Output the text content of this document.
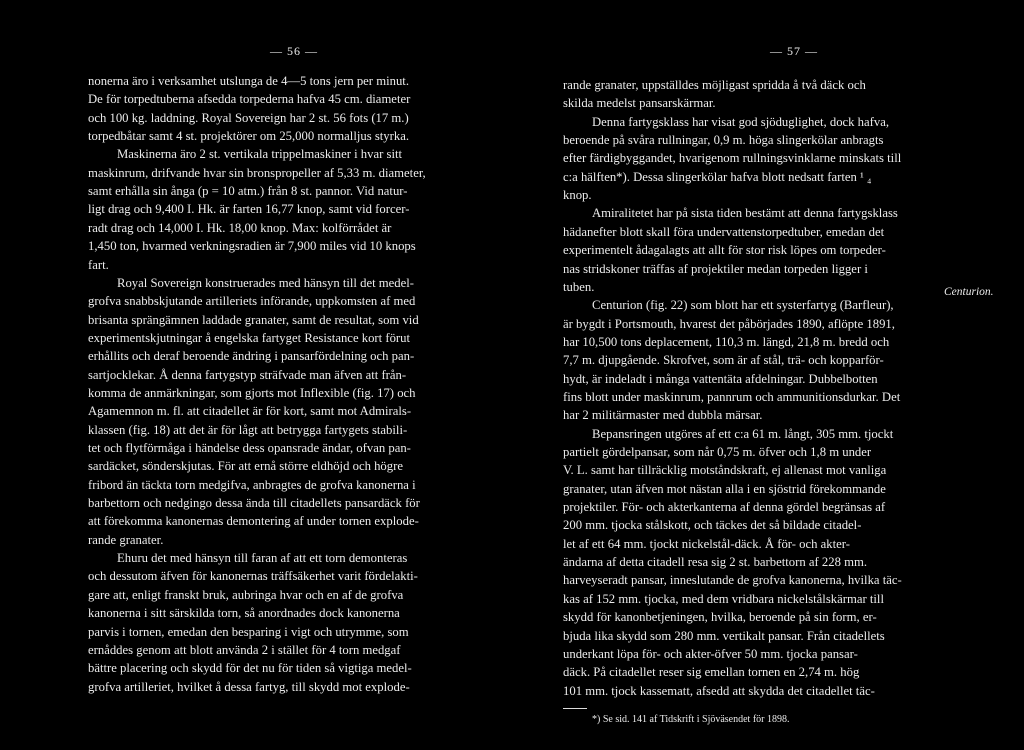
— 56 —
nonerna äro i verksamhet utslunga de 4—5 tons jern per minut.
De för torpedtuberna afsedda torpederna hafva 45 cm. diameter
och 100 kg. laddning. Royal Sovereign har 2 st. 56 fots (17 m.)
torpedbåtar samt 4 st. projektörer om 25,000 normalljus styrka.
Maskinerna äro 2 st. vertikala trippelmaskiner i hvar sitt
maskinrum, drifvande hvar sin bronspropeller af 5,33 m. diameter,
samt erhålla sin ånga (p = 10 atm.) från 8 st. pannor. Vid natur-
ligt drag och 9,400 I. Hk. är farten 16,77 knop, samt vid forcer-
radt drag och 14,000 I. Hk. 18,00 knop. Max: kolförrådet är
1,450 ton, hvarmed verkningsradien är 7,900 miles vid 10 knops
fart.
Royal Sovereign konstruerades med hänsyn till det medel-
grofva snabbskjutande artilleriets införande, uppkomsten af med
brisanta sprängämnen laddade granater, samt de resultat, som vid
experimentskjutningar å engelska fartyget Resistance kort förut
erhållits och deraf beroende ändring i pansarfördelning och pan-
sartjocklekar. Å denna fartygstyp sträfvade man äfven att från-
komma de anmärkningar, som gjorts mot Inflexible (fig. 17) och
Agamemnon m. fl. att citadellet är för kort, samt mot Admirals-
klassen (fig. 18) att det är för lågt att betrygga fartygets stabili-
tet och flytförmåga i händelse dess opansrade ändar, ofvan pan-
sardäcket, sönderskjutas. För att ernå större eldhöjd och högre
fribord än täckta torn medgifva, anbragtes de grofva kanonerna i
barbettorn och nedgingo dessa ända till citadellets pansardäck för
att förekomma kanonernas demontering af under tornen explode-
rande granater.
Ehuru det med hänsyn till faran af att ett torn demonteras
och dessutom äfven för kanonernas träffsäkerhet varit fördelakti-
gare att, enligt franskt bruk, aubringa hvar och en af de grofva
kanonerna i sitt särskilda torn, så anordnades dock kanonerna
parvis i tornen, emedan den besparing i vigt och utrymme, som
ernåddes genom att blott använda 2 i stället för 4 torn medgaf
bättre placering och skydd för det nu för tiden så vigtiga medel-
grofva artilleriet, hvilket å dessa fartyg, till skydd mot explode-
— 57 —
rande granater, uppställdes möjligast spridda å två däck och
skilda medelst pansarskärmar.
Denna fartygsklass har visat god sjöduglighet, dock hafva,
beroende på svåra rullningar, 0,9 m. höga slingerkölar anbragts
efter färdigbyggandet, hvarigenom rullningsvinklarne minskats till
c:a hälften*). Dessa slingerkölar hafva blott nedsatt farten ¹ ₄
knop.
Amiralitetet har på sista tiden bestämt att denna fartygsklass
hädanefter blott skall föra undervattenstorpedtuber, emedan det
experimentelt ådagalagts att allt för stor risk löpes om torpeder-
nas stridskoner träffas af projektiler medan torpeden ligger i
tuben.
Centurion (fig. 22) som blott har ett systerfartyg (Barfleur),
är bygdt i Portsmouth, hvarest det påbörjades 1890, aflöpte 1891,
har 10,500 tons deplacement, 110,3 m. längd, 21,8 m. bredd och
7,7 m. djupgående. Skrofvet, som är af stål, trä- och kopparför-
hydt, är indeladt i många vattentäta afdelningar. Dubbelbotten
fins blott under maskinrum, pannrum och ammunitionsdurkar. Det
har 2 militärmaster med dubbla märsar.
Bepansringen utgöres af ett c:a 61 m. långt, 305 mm. tjockt
partielt gördelpansar, som når 0,75 m. öfver och 1,8 m under
V. L. samt har tillräcklig motståndskraft, ej allenast mot vanliga
granater, utan äfven mot nästan alla i en sjöstrid förekommande
projektiler. För- och akterkanterna af denna gördel begränsas af
200 mm. tjocka stålskott, och täckes det så bildade citadel-
let af ett 64 mm. tjockt nickelstål-däck. Å för- och akter-
ändarna af detta citadell resa sig 2 st. barbettorn af 228 mm.
harveyseradt pansar, inneslutande de grofva kanonerna, hvilka täc-
kas af 152 mm. tjocka, med dem vridbara nickelstålskärmar till
skydd för kanonbetjeningen, hvilka, beroende på sin form, er-
bjuda lika skydd som 280 mm. vertikalt pansar. Från citadellets
underkant löpa för- och akter-öfver 50 mm. tjocka pansar-
däck. På citadellet reser sig emellan tornen en 2,74 m. hög
101 mm. tjock kassematt, afsedd att skydda det citadellet täc-
Centurion.
*) Se sid. 141 af Tidskrift i Sjöväsendet för 1898.
